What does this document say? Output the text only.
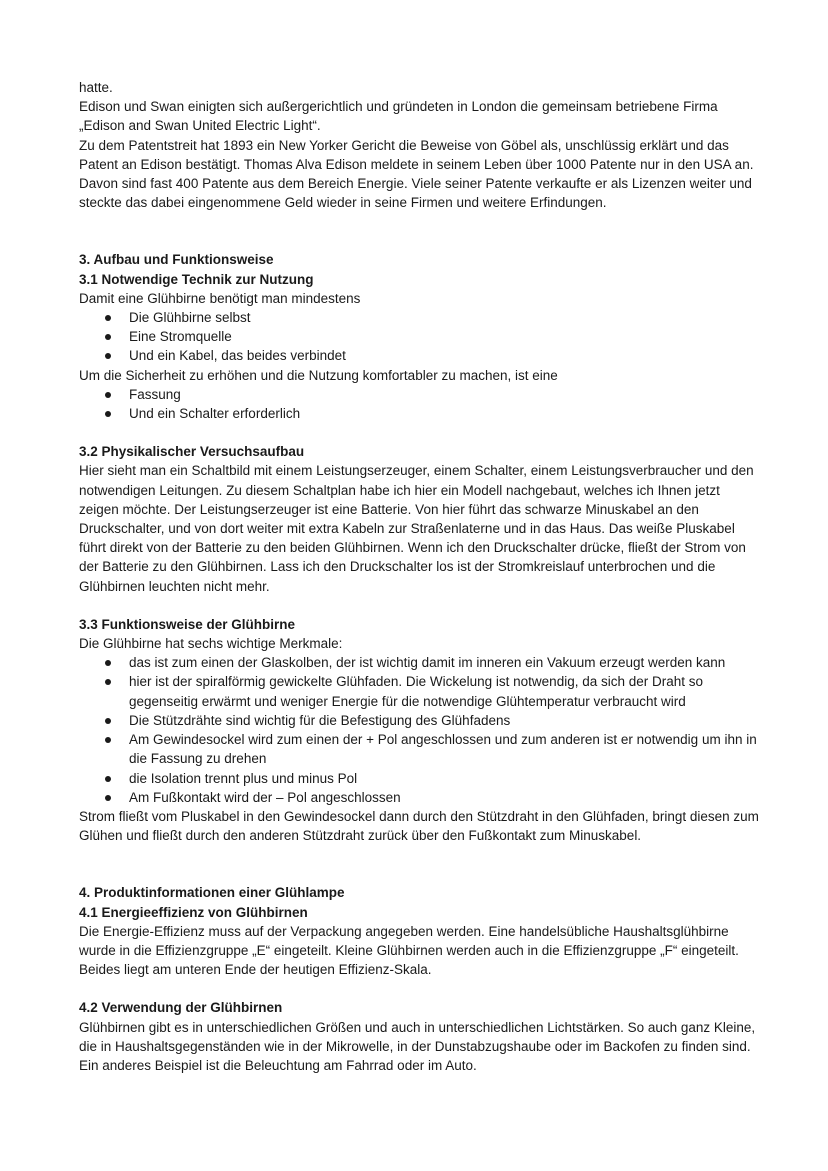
hatte.

Edison und Swan einigten sich außergerichtlich und gründeten in London die gemeinsam betriebene Firma „Edison and Swan United Electric Light“.

Zu dem Patentstreit hat 1893 ein New Yorker Gericht die Beweise von Göbel als, unschlüssig erklärt und das Patent an Edison bestätigt. Thomas Alva Edison meldete in seinem Leben über 1000 Patente nur in den USA an. Davon sind fast 400 Patente aus dem Bereich Energie. Viele seiner Patente verkaufte er als Lizenzen weiter und steckte das dabei eingenommene Geld wieder in seine Firmen und weitere Erfindungen.

3. Aufbau und Funktionsweise

3.1 Notwendige Technik zur Nutzung

Damit eine Glühbirne benötigt man mindestens

Die Glühbirne selbst
Eine Stromquelle
Und ein Kabel, das beides verbindet

Um die Sicherheit zu erhöhen und die Nutzung komfortabler zu machen, ist eine

Fassung
Und ein Schalter erforderlich

3.2 Physikalischer Versuchsaufbau

Hier sieht man ein Schaltbild mit einem Leistungserzeuger, einem Schalter, einem Leistungsverbraucher und den notwendigen Leitungen. Zu diesem Schaltplan habe ich hier ein Modell nachgebaut, welches ich Ihnen jetzt zeigen möchte. Der Leistungserzeuger ist eine Batterie. Von hier führt das schwarze Minuskabel an den Druckschalter, und von dort weiter mit extra Kabeln zur Straßenlaterne und in das Haus. Das weiße Pluskabel führt direkt von der Batterie zu den beiden Glühbirnen. Wenn ich den Druckschalter drücke, fließt der Strom von der Batterie zu den Glühbirnen. Lass ich den Druckschalter los ist der Stromkreislauf unterbrochen und die Glühbirnen leuchten nicht mehr.

3.3 Funktionsweise der Glühbirne

Die Glühbirne hat sechs wichtige Merkmale:

das ist zum einen der Glaskolben, der ist wichtig damit im inneren ein Vakuum erzeugt werden kann
hier ist der spiralförmig gewickelte Glühfaden. Die Wickelung ist notwendig, da sich der Draht so gegenseitig erwärmt und weniger Energie für die notwendige Glühtemperatur verbraucht wird
Die Stützdrähte sind wichtig für die Befestigung des Glühfadens
Am Gewindesockel wird zum einen der + Pol angeschlossen und zum anderen ist er notwendig um ihn in die Fassung zu drehen
die Isolation trennt plus und minus Pol
Am Fußkontakt wird der – Pol angeschlossen

Strom fließt vom Pluskabel in den Gewindesockel dann durch den Stützdraht in den Glühfaden, bringt diesen zum Glühen und fließt durch den anderen Stützdraht zurück über den Fußkontakt zum Minuskabel.

4. Produktinformationen einer Glühlampe

4.1 Energieeffizienz von Glühbirnen

Die Energie-Effizienz muss auf der Verpackung angegeben werden. Eine handelsübliche Haushaltsglühbirne wurde in die Effizienzgruppe „E“ eingeteilt. Kleine Glühbirnen werden auch in die Effizienzgruppe „F“ eingeteilt. Beides liegt am unteren Ende der heutigen Effizienz-Skala.

4.2 Verwendung der Glühbirnen

Glühbirnen gibt es in unterschiedlichen Größen und auch in unterschiedlichen Lichtstärken. So auch ganz Kleine, die in Haushaltsgegenständen wie in der Mikrowelle, in der Dunstabzugshaube oder im Backofen zu finden sind. Ein anderes Beispiel ist die Beleuchtung am Fahrrad oder im Auto.
